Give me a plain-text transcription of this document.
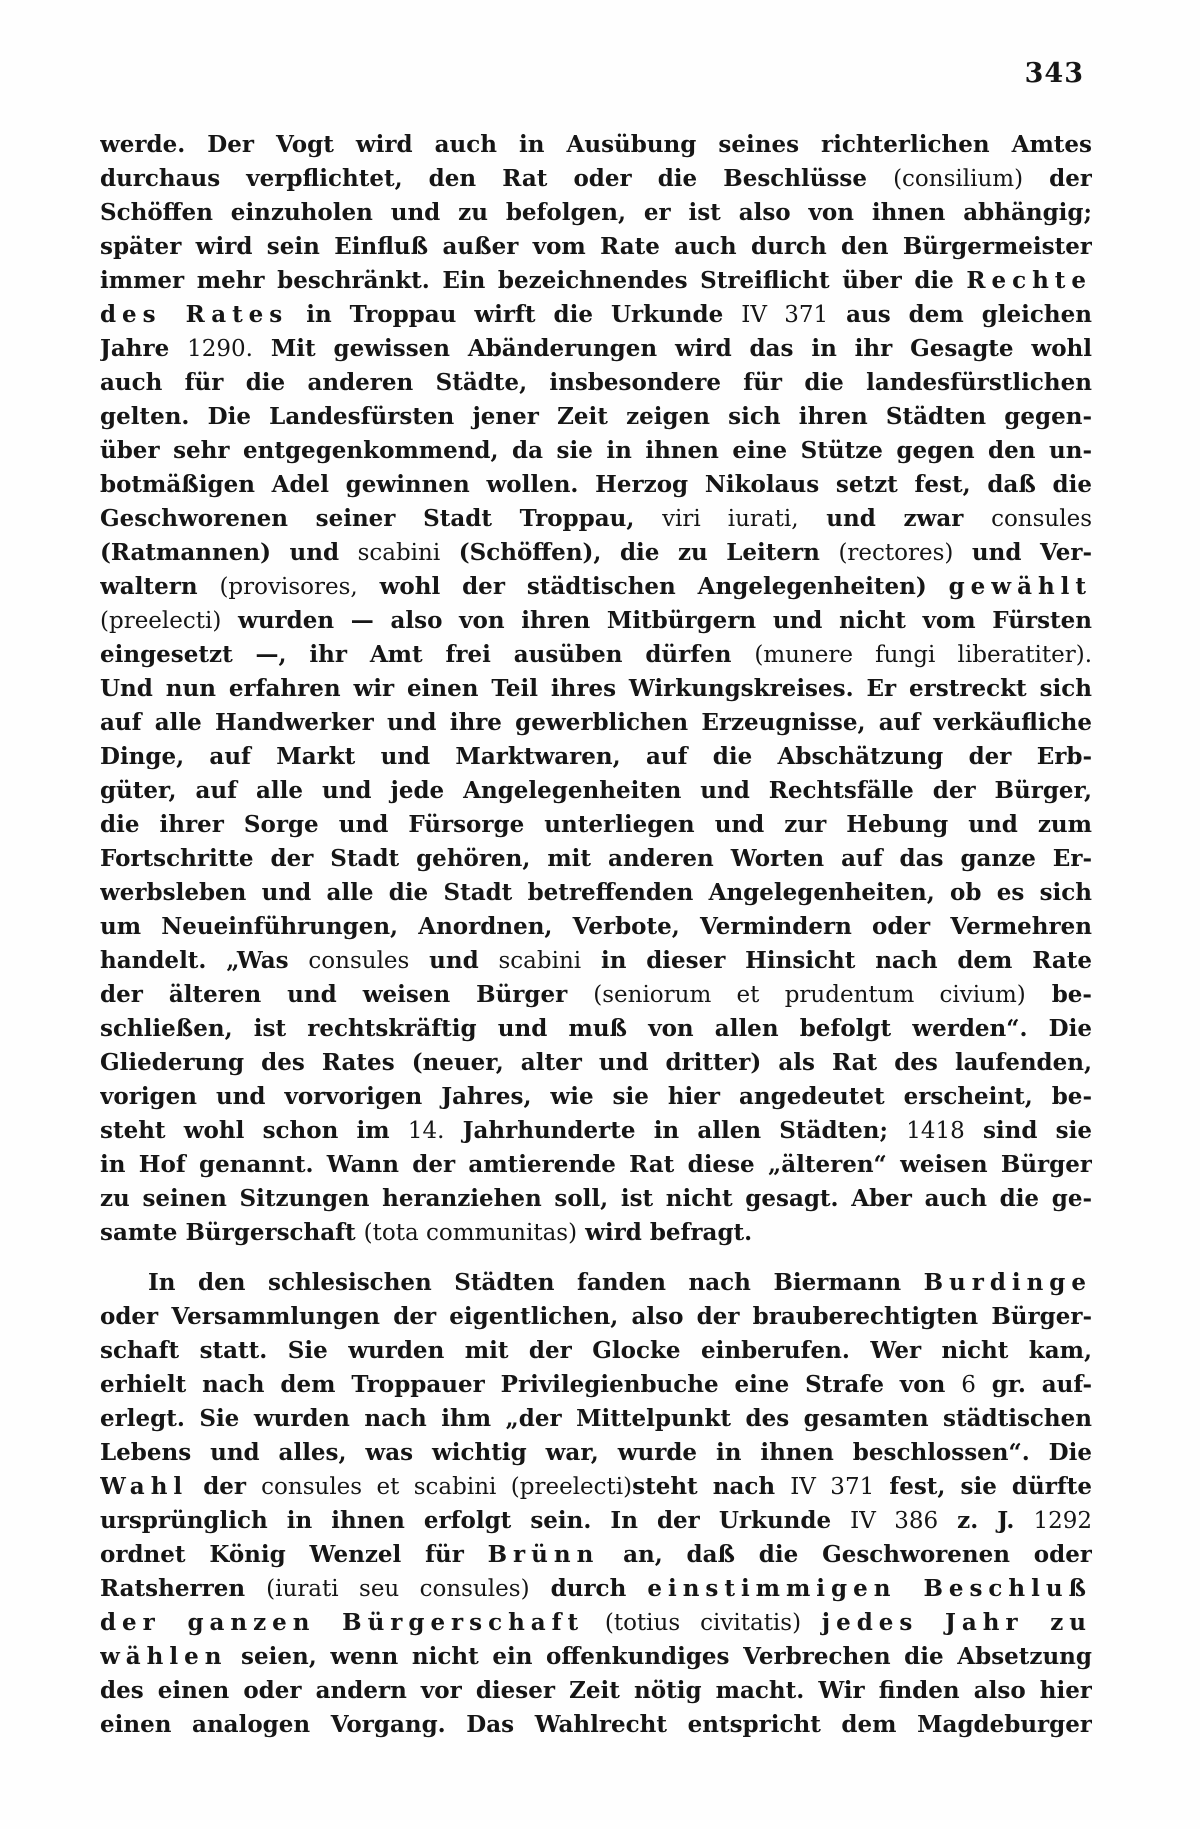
343
werde. Der Vogt wird auch in Ausübung seines richterlichen Amtes
durchaus verpflichtet, den Rat oder die Beschlüsse (consilium) der
Schöffen einzuholen und zu befolgen, er ist also von ihnen abhängig;
später wird sein Einfluß außer vom Rate auch durch den Bürgermeister
immer mehr beschränkt. Ein bezeichnendes Streiflicht über die Rechte
des Rates in Troppau wirft die Urkunde IV 371 aus dem gleichen
Jahre 1290. Mit gewissen Abänderungen wird das in ihr Gesagte wohl
auch für die anderen Städte, insbesondere für die landesfürstlichen
gelten. Die Landesfürsten jener Zeit zeigen sich ihren Städten gegen-
über sehr entgegenkommend, da sie in ihnen eine Stütze gegen den un-
botmäßigen Adel gewinnen wollen. Herzog Nikolaus setzt fest, daß die
Geschworenen seiner Stadt Troppau, viri iurati, und zwar consules
(Ratmannen) und scabini (Schöffen), die zu Leitern (rectores) und Ver-
waltern (provisores, wohl der städtischen Angelegenheiten) gewählt
(preelecti) wurden — also von ihren Mitbürgern und nicht vom Fürsten
eingesetzt —, ihr Amt frei ausüben dürfen (munere fungi liberatiter).
Und nun erfahren wir einen Teil ihres Wirkungskreises. Er erstreckt sich
auf alle Handwerker und ihre gewerblichen Erzeugnisse, auf verkäufliche
Dinge, auf Markt und Marktwaren, auf die Abschätzung der Erb-
güter, auf alle und jede Angelegenheiten und Rechtsfälle der Bürger,
die ihrer Sorge und Fürsorge unterliegen und zur Hebung und zum
Fortschritte der Stadt gehören, mit anderen Worten auf das ganze Er-
werbsleben und alle die Stadt betreffenden Angelegenheiten, ob es sich
um Neueinführungen, Anordnen, Verbote, Vermindern oder Vermehren
handelt. „Was consules und scabini in dieser Hinsicht nach dem Rate
der älteren und weisen Bürger (seniorum et prudentum civium) be-
schließen, ist rechtskräftig und muß von allen befolgt werden“. Die
Gliederung des Rates (neuer, alter und dritter) als Rat des laufenden,
vorigen und vorvorigen Jahres, wie sie hier angedeutet erscheint, be-
steht wohl schon im 14. Jahrhunderte in allen Städten; 1418 sind sie
in Hof genannt. Wann der amtierende Rat diese „älteren“ weisen Bürger
zu seinen Sitzungen heranziehen soll, ist nicht gesagt. Aber auch die ge-
samte Bürgerschaft (tota communitas) wird befragt.
In den schlesischen Städten fanden nach Biermann Burdinge
oder Versammlungen der eigentlichen, also der brauberechtigten Bürger-
schaft statt. Sie wurden mit der Glocke einberufen. Wer nicht kam,
erhielt nach dem Troppauer Privilegienbuche eine Strafe von 6 gr. auf-
erlegt. Sie wurden nach ihm „der Mittelpunkt des gesamten städtischen
Lebens und alles, was wichtig war, wurde in ihnen beschlossen“. Die
Wahl der consules et scabini (preelecti)steht nach IV 371 fest, sie dürfte
ursprünglich in ihnen erfolgt sein. In der Urkunde IV 386 z. J. 1292
ordnet König Wenzel für Brünn an, daß die Geschworenen oder
Ratsherren (iurati seu consules) durch einstimmigen Beschluß
der ganzen Bürgerschaft (totius civitatis) jedes Jahr zu
wählen seien, wenn nicht ein offenkundiges Verbrechen die Absetzung
des einen oder andern vor dieser Zeit nötig macht. Wir finden also hier
einen analogen Vorgang. Das Wahlrecht entspricht dem Magdeburger
